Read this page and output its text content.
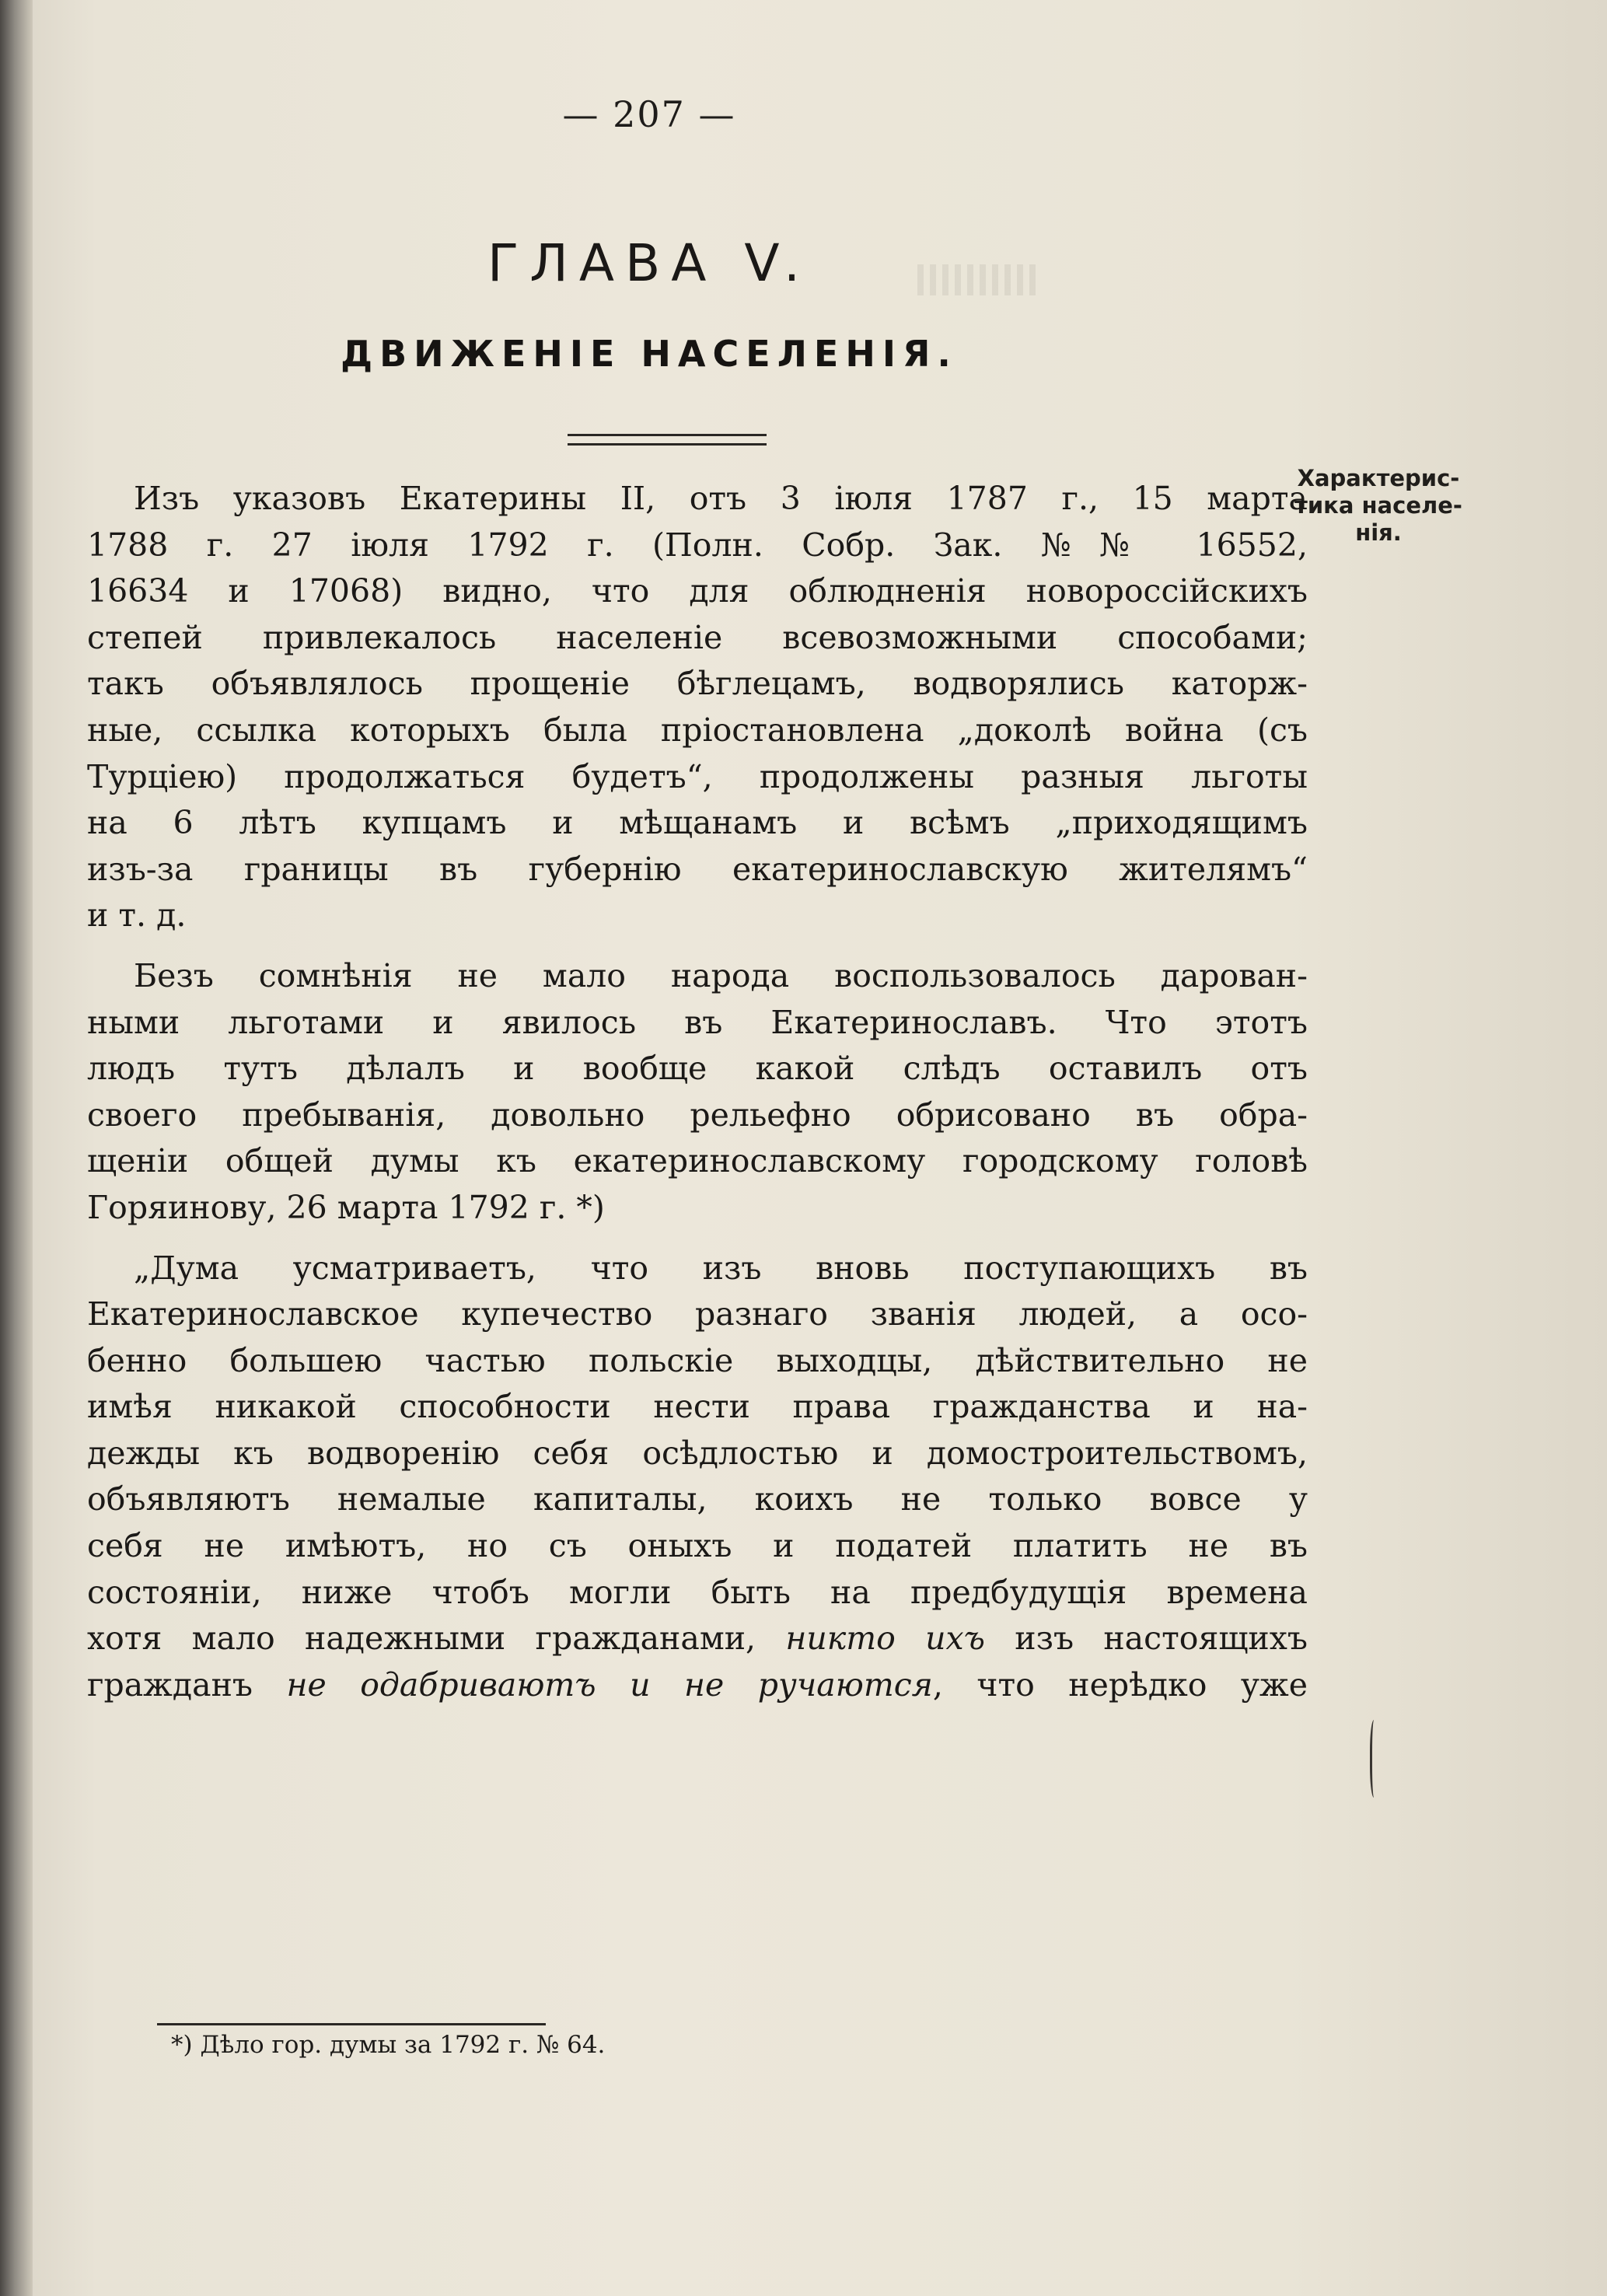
— 207 —
ГЛАВА V.
ДВИЖЕНІЕ НАСЕЛЕНІЯ.
Характерис-
тика населе-
нія.
Изъ указовъ Екатерины II, отъ 3 іюля 1787 г., 15 марта
1788 г. 27 іюля 1792 г. (Полн. Собр. Зак. №№ 16552,
16634 и 17068) видно, что для облюдненія новороссійскихъ
степей привлекалось населеніе всевозможными способами;
такъ объявлялось прощеніе бѣглецамъ, водворялись каторж-
ные, ссылка которыхъ была пріостановлена „доколѣ война (съ
Турціею) продолжаться будетъ“, продолжены разныя льготы
на 6 лѣтъ купцамъ и мѣщанамъ и всѣмъ „приходящимъ
изъ-за границы въ губернію екатеринославскую жителямъ“
и т. д.
Безъ сомнѣнія не мало народа воспользовалось дарован-
ными льготами и явилось въ Екатеринославъ. Что этотъ
людъ тутъ дѣлалъ и вообще какой слѣдъ оставилъ отъ
своего пребыванія, довольно рельефно обрисовано въ обра-
щеніи общей думы къ екатеринославскому городскому головѣ
Горяинову, 26 марта 1792 г. *)
„Дума усматриваетъ, что изъ вновь поступающихъ въ
Екатеринославское купечество разнаго званія людей, а осо-
бенно большею частью польскіе выходцы, дѣйствительно не
имѣя никакой способности нести права гражданства и на-
дежды къ водворенію себя осѣдлостью и домостроительствомъ,
объявляютъ немалые капиталы, коихъ не только вовсе у
себя не имѣютъ, но съ оныхъ и податей платить не въ
состояніи, ниже чтобъ могли быть на предбудущія времена
хотя мало надежными гражданами, никто ихъ изъ настоящихъ
гражданъ не одабриваютъ и не ручаются, что нерѣдко уже
*) Дѣло гор. думы за 1792 г. № 64.
